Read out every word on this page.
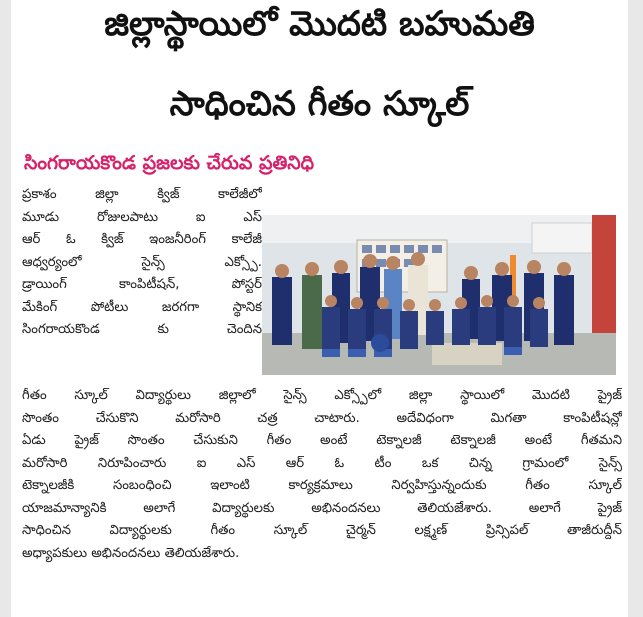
జిల్లాస్థాయిలో మొదటి బహుమతి
సాధించిన గీతం స్కూల్
సింగరాయకొండ ప్రజలకు చేరువ ప్రతినిధి

ప్రకాశం జిల్లా క్విజ్ కాలేజీలో

మూడు రోజులపాటు ఐ ఎస్

ఆర్ ఓ క్విజ్ ఇంజనీరింగ్ కాలేజీ

ఆధ్వర్యంలో సైన్స్ ఎక్స్పో.

డ్రాయింగ్ కాంపిటీషన్, పోస్టర్

మేకింగ్ పోటీలు జరగగా స్థానిక

సింగరాయకొండ కు చెందిన

గీతం స్కూల్ విద్యార్థులు జిల్లాలో సైన్స్ ఎక్స్పోలో జిల్లా స్థాయిలో మొదటి ప్రైజ్

సొంతం చేసుకొని మరోసారి చత్ర చాటారు. అదేవిధంగా మిగతా కాంపిటీషన్లో

ఏడు ప్రైజ్ సొంతం చేసుకుని గీతం అంటే టెక్నాలజీ టెక్నాలజీ అంటే గీతమని

మరోసారి నిరూపించారు ఐ ఎస్ ఆర్ ఓ టీం ఒక చిన్న గ్రామంలో సైన్స్

టెక్నాలజీకి సంబంధించి ఇలాంటి కార్యక్రమాలు నిర్వహిస్తున్నందుకు గీతం స్కూల్

యాజమాన్యానికి అలాగే విద్యార్థులకు అభినందనలు తెలియజేశారు. అలాగే ప్రైజ్

సాధించిన విద్యార్థులకు గీతం స్కూల్ చైర్మన్ లక్ష్మణ్ ప్రిన్సిపల్ తాజీరుద్దీన్

అధ్యాపకులు అభినందనలు తెలియజేశారు.
